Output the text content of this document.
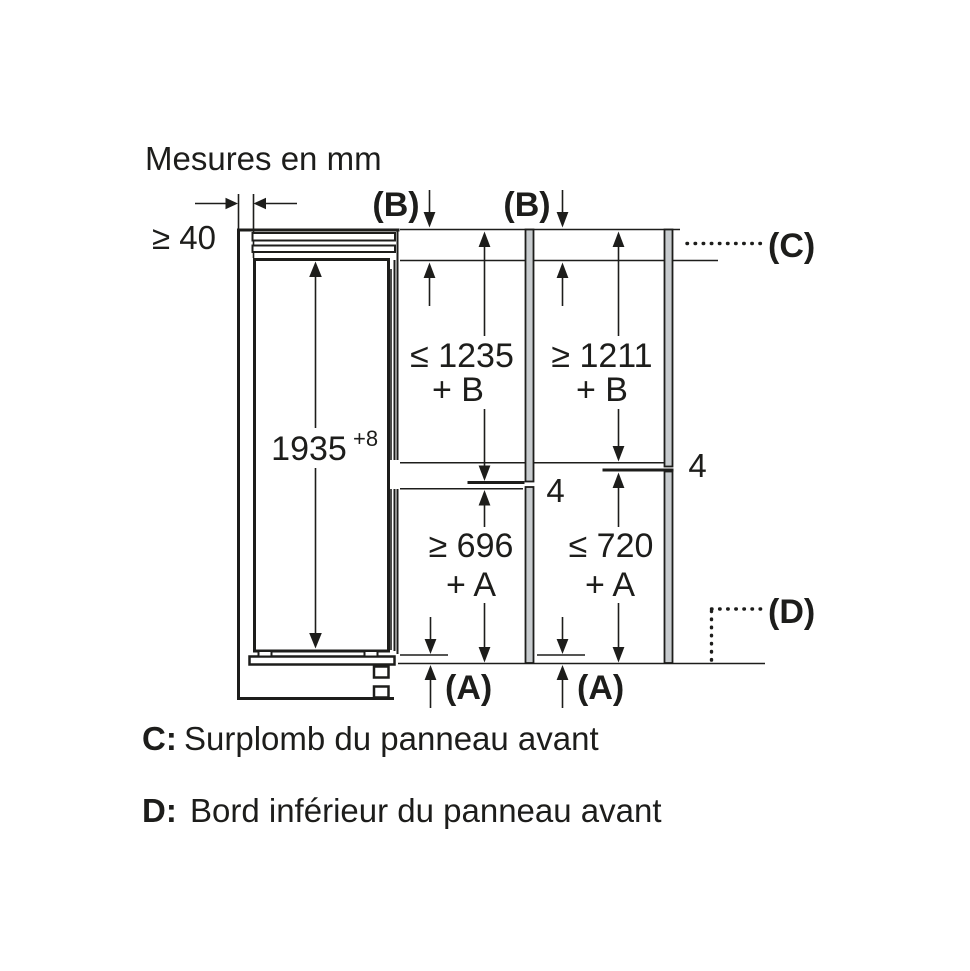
Mesures en mm
≥ 40
(B) (B)
(C)
(D)
1935 +8
≤ 1235
+ B
≥ 1211
+ B
≥ 696
+ A
≤ 720
+ A
4
4
(A) (A)
C: Surplomb du panneau avant
D: Bord inférieur du panneau avant
